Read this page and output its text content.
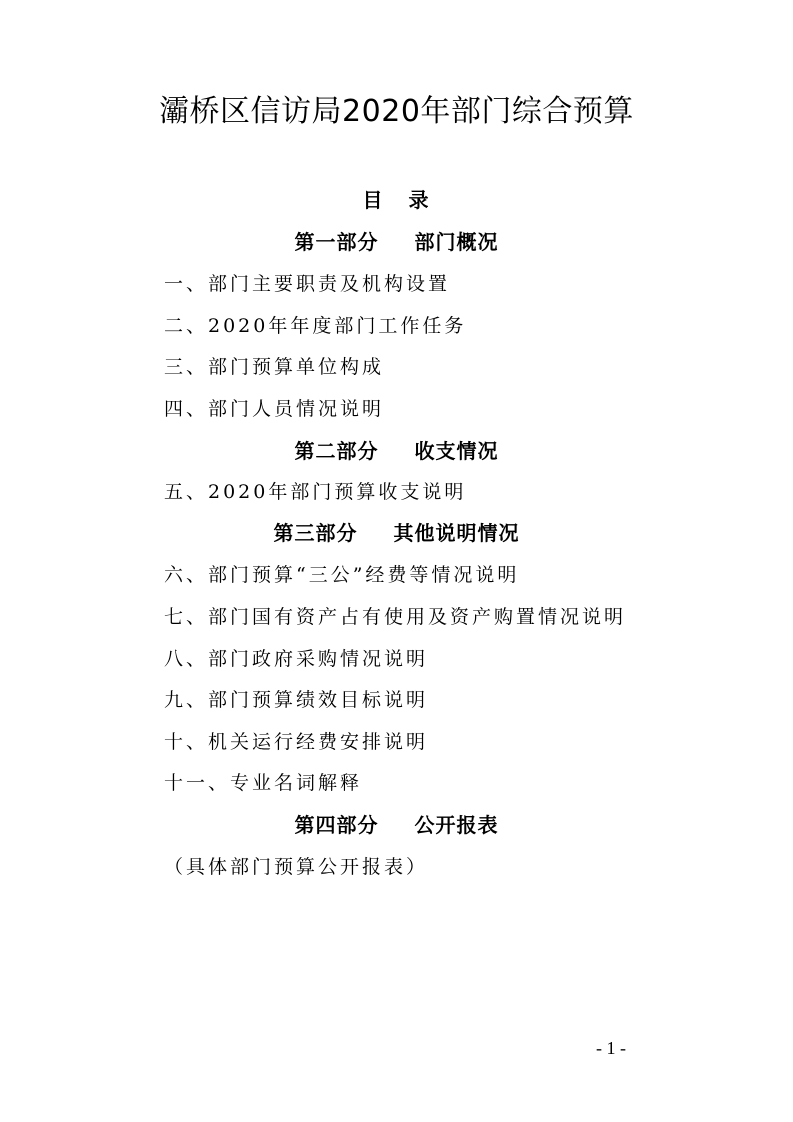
灞桥区信访局2020年部门综合预算
目 录
第一部分 部门概况
一、部门主要职责及机构设置
二、2020年年度部门工作任务
三、部门预算单位构成
四、部门人员情况说明
第二部分 收支情况
五、2020年部门预算收支说明
第三部分 其他说明情况
六、部门预算“三公”经费等情况说明
七、部门国有资产占有使用及资产购置情况说明
八、部门政府采购情况说明
九、部门预算绩效目标说明
十、机关运行经费安排说明
十一、专业名词解释
第四部分 公开报表
（具体部门预算公开报表）
- 1 -
